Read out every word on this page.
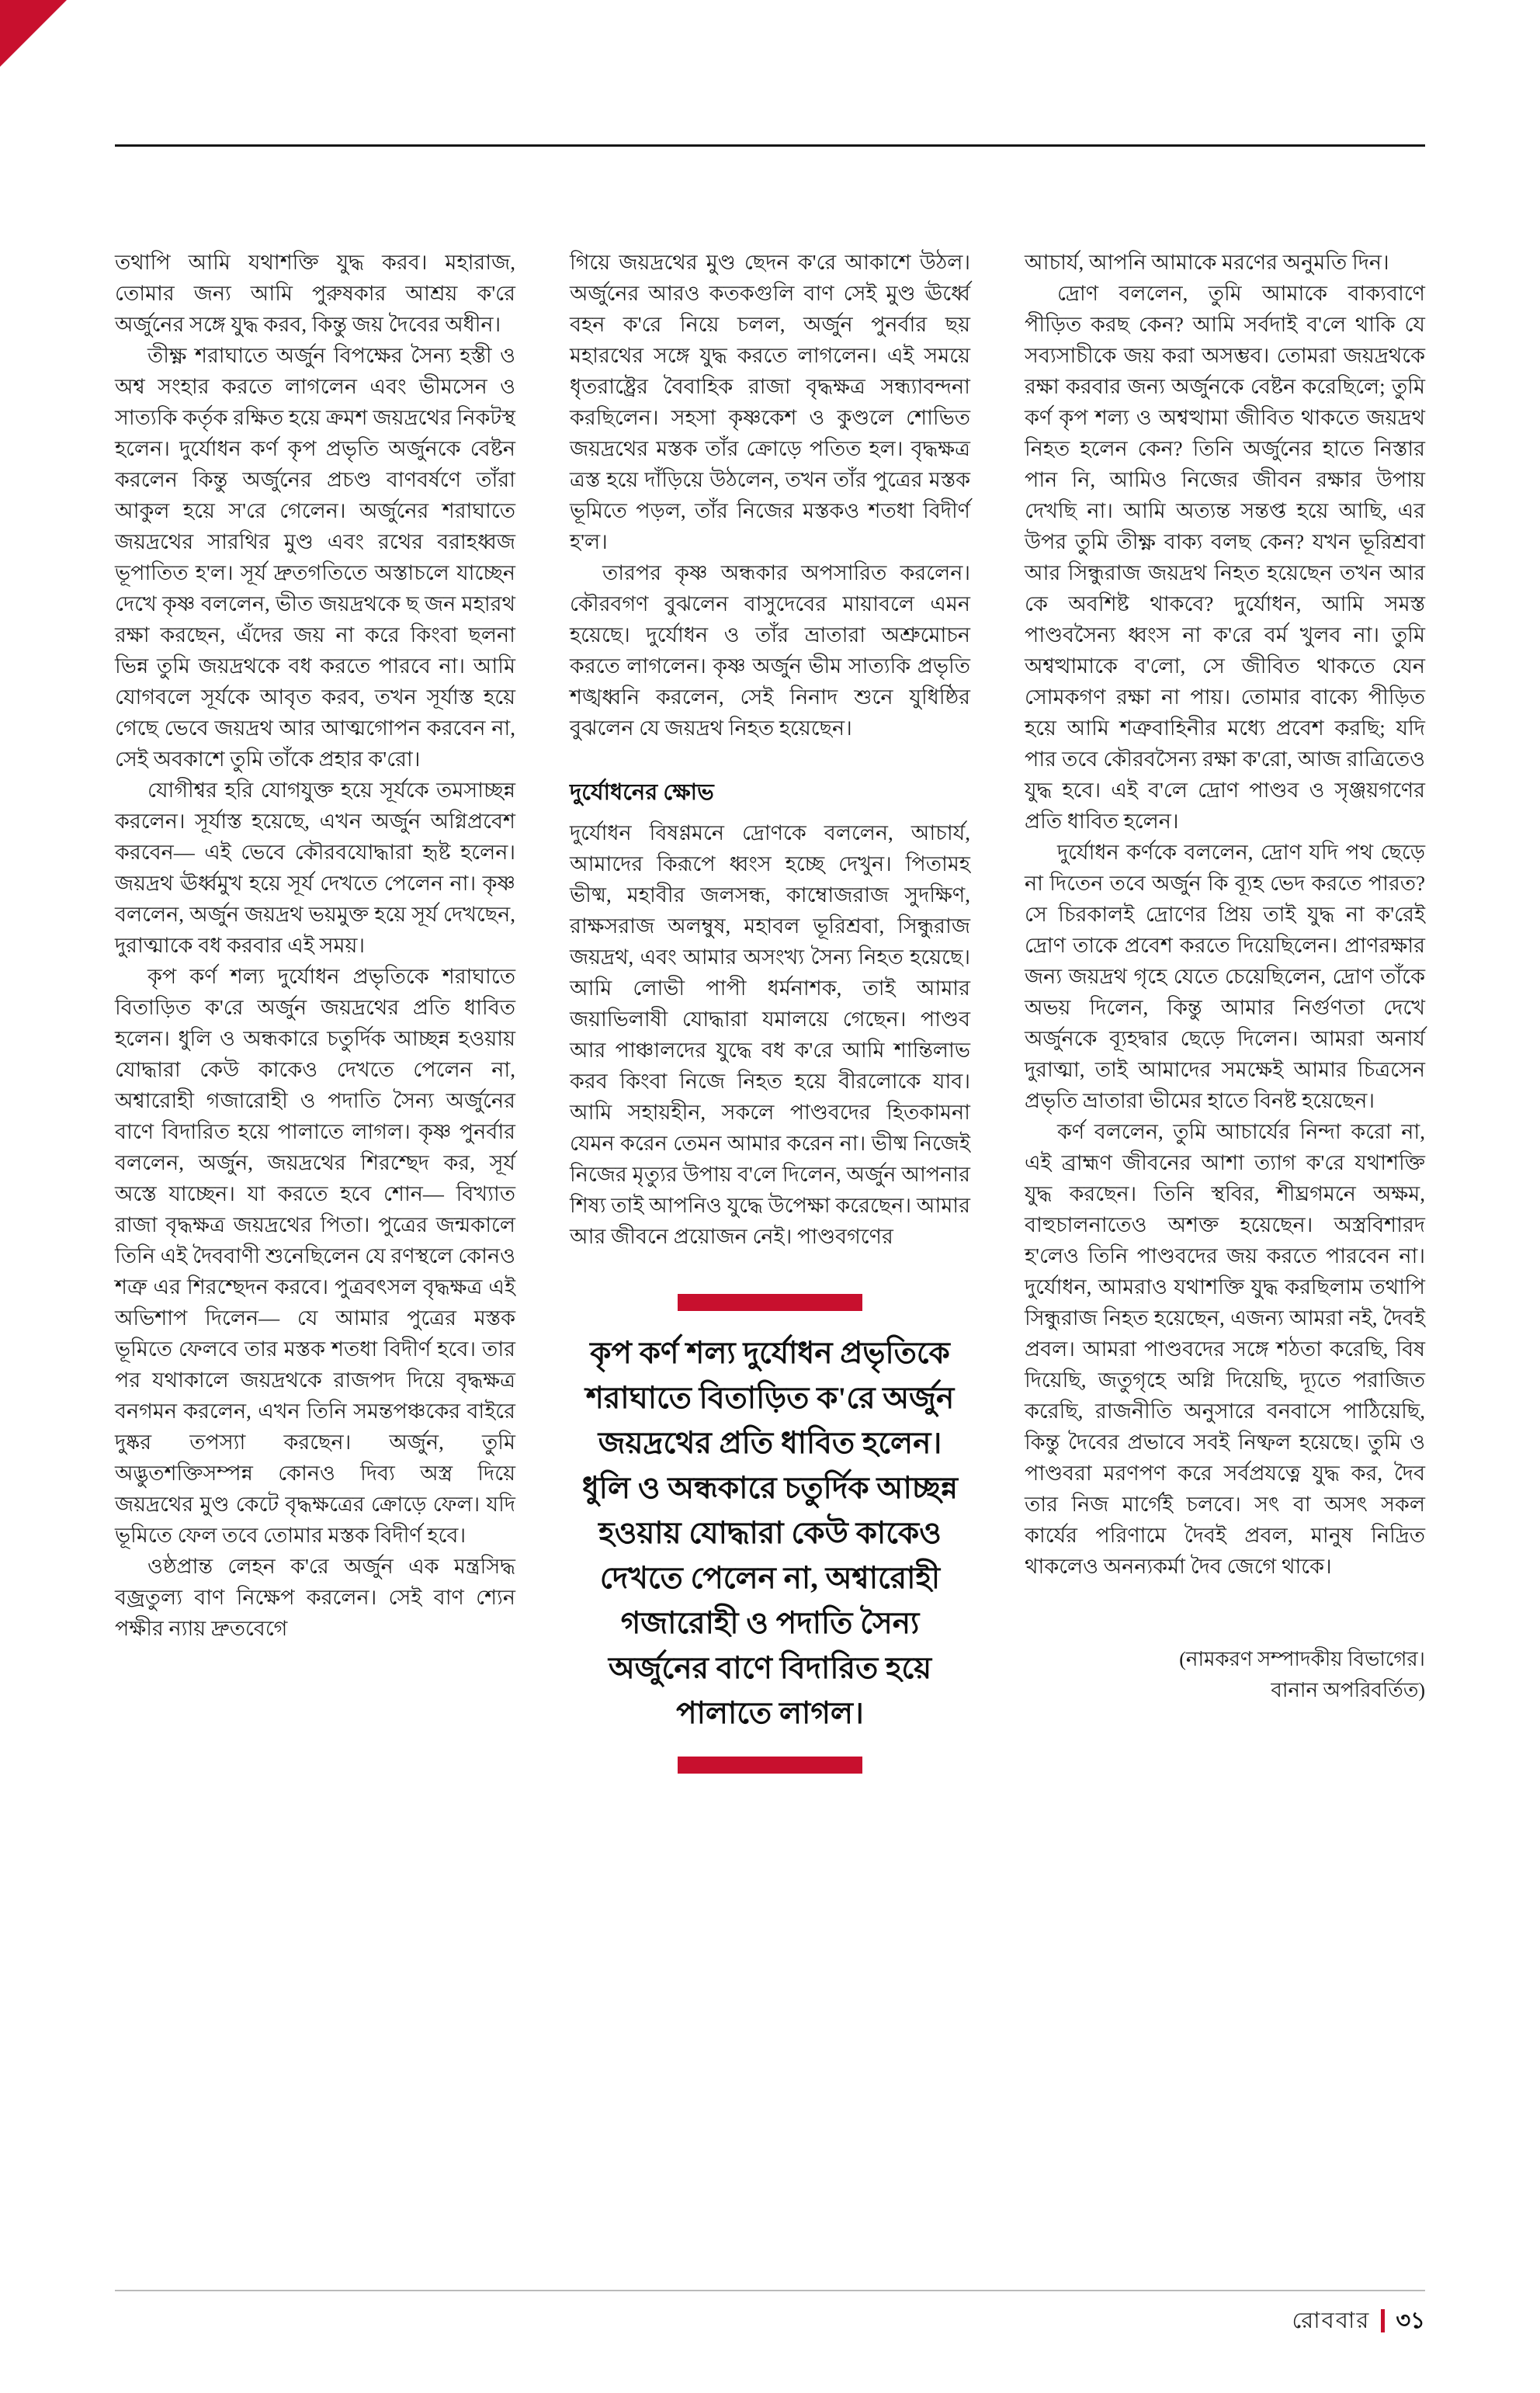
তথাপি আমি যথাশক্তি যুদ্ধ করব। মহারাজ, তোমার জন্য আমি পুরুষকার আশ্রয় ক'রে অর্জুনের সঙ্গে যুদ্ধ করব, কিন্তু জয় দৈবের অধীন।

তীক্ষ্ণ শরাঘাতে অর্জুন বিপক্ষের সৈন্য হস্তী ও অশ্ব সংহার করতে লাগলেন এবং ভীমসেন ও সাত্যকি কর্তৃক রক্ষিত হয়ে ক্রমশ জয়দ্রথের নিকটস্থ হলেন। দুর্যোধন কর্ণ কৃপ প্রভৃতি অর্জুনকে বেষ্টন করলেন কিন্তু অর্জুনের প্রচণ্ড বাণবর্ষণে তাঁরা আকুল হয়ে স'রে গেলেন। অর্জুনের শরাঘাতে জয়দ্রথের সারথির মুণ্ড এবং রথের বরাহধ্বজ ভূপাতিত হ'ল। সূর্য দ্রুতগতিতে অস্তাচলে যাচ্ছেন দেখে কৃষ্ণ বললেন, ভীত জয়দ্রথকে ছ জন মহারথ রক্ষা করছেন, এঁদের জয় না করে কিংবা ছলনা ভিন্ন তুমি জয়দ্রথকে বধ করতে পারবে না। আমি যোগবলে সূর্যকে আবৃত করব, তখন সূর্যাস্ত হয়ে গেছে ভেবে জয়দ্রথ আর আত্মগোপন করবেন না, সেই অবকাশে তুমি তাঁকে প্রহার ক'রো।

যোগীশ্বর হরি যোগযুক্ত হয়ে সূর্যকে তমসাচ্ছন্ন করলেন। সূর্যাস্ত হয়েছে, এখন অর্জুন অগ্নিপ্রবেশ করবেন— এই ভেবে কৌরবযোদ্ধারা হৃষ্ট হলেন। জয়দ্রথ ঊর্ধ্বমুখ হয়ে সূর্য দেখতে পেলেন না। কৃষ্ণ বললেন, অর্জুন জয়দ্রথ ভয়মুক্ত হয়ে সূর্য দেখছেন, দুরাত্মাকে বধ করবার এই সময়।

কৃপ কর্ণ শল্য দুর্যোধন প্রভৃতিকে শরাঘাতে বিতাড়িত ক'রে অর্জুন জয়দ্রথের প্রতি ধাবিত হলেন। ধুলি ও অন্ধকারে চতুর্দিক আচ্ছন্ন হওয়ায় যোদ্ধারা কেউ কাকেও দেখতে পেলেন না, অশ্বারোহী গজারোহী ও পদাতি সৈন্য অর্জুনের বাণে বিদারিত হয়ে পালাতে লাগল। কৃষ্ণ পুনর্বার বললেন, অর্জুন, জয়দ্রথের শিরশ্ছেদ কর, সূর্য অস্তে যাচ্ছেন। যা করতে হবে শোন— বিখ্যাত রাজা বৃদ্ধক্ষত্র জয়দ্রথের পিতা। পুত্রের জন্মকালে তিনি এই দৈববাণী শুনেছিলেন যে রণস্থলে কোনও শত্রু এর শিরশ্ছেদন করবে। পুত্রবৎসল বৃদ্ধক্ষত্র এই অভিশাপ দিলেন— যে আমার পুত্রের মস্তক ভূমিতে ফেলবে তার মস্তক শতধা বিদীর্ণ হবে। তার পর যথাকালে জয়দ্রথকে রাজপদ দিয়ে বৃদ্ধক্ষত্র বনগমন করলেন, এখন তিনি সমন্তপঞ্চকের বাইরে দুষ্কর তপস্যা করছেন। অর্জুন, তুমি অদ্ভুতশক্তিসম্পন্ন কোনও দিব্য অস্ত্র দিয়ে জয়দ্রথের মুণ্ড কেটে বৃদ্ধক্ষত্রের ক্রোড়ে ফেল। যদি ভূমিতে ফেল তবে তোমার মস্তক বিদীর্ণ হবে।

ওষ্ঠপ্রান্ত লেহন ক'রে অর্জুন এক মন্ত্রসিদ্ধ বজ্রতুল্য বাণ নিক্ষেপ করলেন। সেই বাণ শ্যেন পক্ষীর ন্যায় দ্রুতবেগে

গিয়ে জয়দ্রথের মুণ্ড ছেদন ক'রে আকাশে উঠল। অর্জুনের আরও কতকগুলি বাণ সেই মুণ্ড ঊর্ধ্বে বহন ক'রে নিয়ে চলল, অর্জুন পুনর্বার ছয় মহারথের সঙ্গে যুদ্ধ করতে লাগলেন। এই সময়ে ধৃতরাষ্ট্রের বৈবাহিক রাজা বৃদ্ধক্ষত্র সন্ধ্যাবন্দনা করছিলেন। সহসা কৃষ্ণকেশ ও কুণ্ডলে শোভিত জয়দ্রথের মস্তক তাঁর ক্রোড়ে পতিত হল। বৃদ্ধক্ষত্র ত্রস্ত হয়ে দাঁড়িয়ে উঠলেন, তখন তাঁর পুত্রের মস্তক ভূমিতে পড়ল, তাঁর নিজের মস্তকও শতধা বিদীর্ণ হ'ল।

তারপর কৃষ্ণ অন্ধকার অপসারিত করলেন। কৌরবগণ বুঝলেন বাসুদেবের মায়াবলে এমন হয়েছে। দুর্যোধন ও তাঁর ভ্রাতারা অশ্রুমোচন করতে লাগলেন। কৃষ্ণ অর্জুন ভীম সাত্যকি প্রভৃতি শঙ্খধ্বনি করলেন, সেই নিনাদ শুনে যুধিষ্ঠির বুঝলেন যে জয়দ্রথ নিহত হয়েছেন।

দুর্যোধনের ক্ষোভ

দুর্যোধন বিষণ্ণমনে দ্রোণকে বললেন, আচার্য, আমাদের কিরূপে ধ্বংস হচ্ছে দেখুন। পিতামহ ভীষ্ম, মহাবীর জলসন্ধ, কাম্বোজরাজ সুদক্ষিণ, রাক্ষসরাজ অলম্বুষ, মহাবল ভূরিশ্রবা, সিন্ধুরাজ জয়দ্রথ, এবং আমার অসংখ্য সৈন্য নিহত হয়েছে। আমি লোভী পাপী ধর্মনাশক, তাই আমার জয়াভিলাষী যোদ্ধারা যমালয়ে গেছেন। পাণ্ডব আর পাঞ্চালদের যুদ্ধে বধ ক'রে আমি শান্তিলাভ করব কিংবা নিজে নিহত হয়ে বীরলোকে যাব। আমি সহায়হীন, সকলে পাণ্ডবদের হিতকামনা যেমন করেন তেমন আমার করেন না। ভীষ্ম নিজেই নিজের মৃত্যুর উপায় ব'লে দিলেন, অর্জুন আপনার শিষ্য তাই আপনিও যুদ্ধে উপেক্ষা করেছেন। আমার আর জীবনে প্রয়োজন নেই। পাণ্ডবগণের

কৃপ কর্ণ শল্য দুর্যোধন প্রভৃতিকে শরাঘাতে বিতাড়িত ক'রে অর্জুন জয়দ্রথের প্রতি ধাবিত হলেন। ধুলি ও অন্ধকারে চতুর্দিক আচ্ছন্ন হওয়ায় যোদ্ধারা কেউ কাকেও দেখতে পেলেন না, অশ্বারোহী গজারোহী ও পদাতি সৈন্য অর্জুনের বাণে বিদারিত হয়ে পালাতে লাগল।

আচার্য, আপনি আমাকে মরণের অনুমতি দিন।

দ্রোণ বললেন, তুমি আমাকে বাক্যবাণে পীড়িত করছ কেন? আমি সর্বদাই ব'লে থাকি যে সব্যসাচীকে জয় করা অসম্ভব। তোমরা জয়দ্রথকে রক্ষা করবার জন্য অর্জুনকে বেষ্টন করেছিলে; তুমি কর্ণ কৃপ শল্য ও অশ্বত্থামা জীবিত থাকতে জয়দ্রথ নিহত হলেন কেন? তিনি অর্জুনের হাতে নিস্তার পান নি, আমিও নিজের জীবন রক্ষার উপায় দেখছি না। আমি অত্যন্ত সন্তপ্ত হয়ে আছি, এর উপর তুমি তীক্ষ্ণ বাক্য বলছ কেন? যখন ভূরিশ্রবা আর সিন্ধুরাজ জয়দ্রথ নিহত হয়েছেন তখন আর কে অবশিষ্ট থাকবে? দুর্যোধন, আমি সমস্ত পাণ্ডবসৈন্য ধ্বংস না ক'রে বর্ম খুলব না। তুমি অশ্বত্থামাকে ব'লো, সে জীবিত থাকতে যেন সোমকগণ রক্ষা না পায়। তোমার বাক্যে পীড়িত হয়ে আমি শত্রুবাহিনীর মধ্যে প্রবেশ করছি; যদি পার তবে কৌরবসৈন্য রক্ষা ক'রো, আজ রাত্রিতেও যুদ্ধ হবে। এই ব'লে দ্রোণ পাণ্ডব ও সৃঞ্জয়গণের প্রতি ধাবিত হলেন।

দুর্যোধন কর্ণকে বললেন, দ্রোণ যদি পথ ছেড়ে না দিতেন তবে অর্জুন কি ব্যূহ ভেদ করতে পারত? সে চিরকালই দ্রোণের প্রিয় তাই যুদ্ধ না ক'রেই দ্রোণ তাকে প্রবেশ করতে দিয়েছিলেন। প্রাণরক্ষার জন্য জয়দ্রথ গৃহে যেতে চেয়েছিলেন, দ্রোণ তাঁকে অভয় দিলেন, কিন্তু আমার নির্গুণতা দেখে অর্জুনকে ব্যূহদ্বার ছেড়ে দিলেন। আমরা অনার্য দুরাত্মা, তাই আমাদের সমক্ষেই আমার চিত্রসেন প্রভৃতি ভ্রাতারা ভীমের হাতে বিনষ্ট হয়েছেন।

কর্ণ বললেন, তুমি আচার্যের নিন্দা করো না, এই ব্রাহ্মণ জীবনের আশা ত্যাগ ক'রে যথাশক্তি যুদ্ধ করছেন। তিনি স্থবির, শীঘ্রগমনে অক্ষম, বাহুচালনাতেও অশক্ত হয়েছেন। অস্ত্রবিশারদ হ'লেও তিনি পাণ্ডবদের জয় করতে পারবেন না। দুর্যোধন, আমরাও যথাশক্তি যুদ্ধ করছিলাম তথাপি সিন্ধুরাজ নিহত হয়েছেন, এজন্য আমরা নই, দৈবই প্রবল। আমরা পাণ্ডবদের সঙ্গে শঠতা করেছি, বিষ দিয়েছি, জতুগৃহে অগ্নি দিয়েছি, দ্যূতে পরাজিত করেছি, রাজনীতি অনুসারে বনবাসে পাঠিয়েছি, কিন্তু দৈবের প্রভাবে সবই নিষ্ফল হয়েছে। তুমি ও পাণ্ডবরা মরণপণ করে সর্বপ্রযত্নে যুদ্ধ কর, দৈব তার নিজ মার্গেই চলবে। সৎ বা অসৎ সকল কার্যের পরিণামে দৈবই প্রবল, মানুষ নিদ্রিত থাকলেও অনন্যকর্মা দৈব জেগে থাকে।

(নামকরণ সম্পাদকীয় বিভাগের।
বানান অপরিবর্তিত)
রোববার ৩১
